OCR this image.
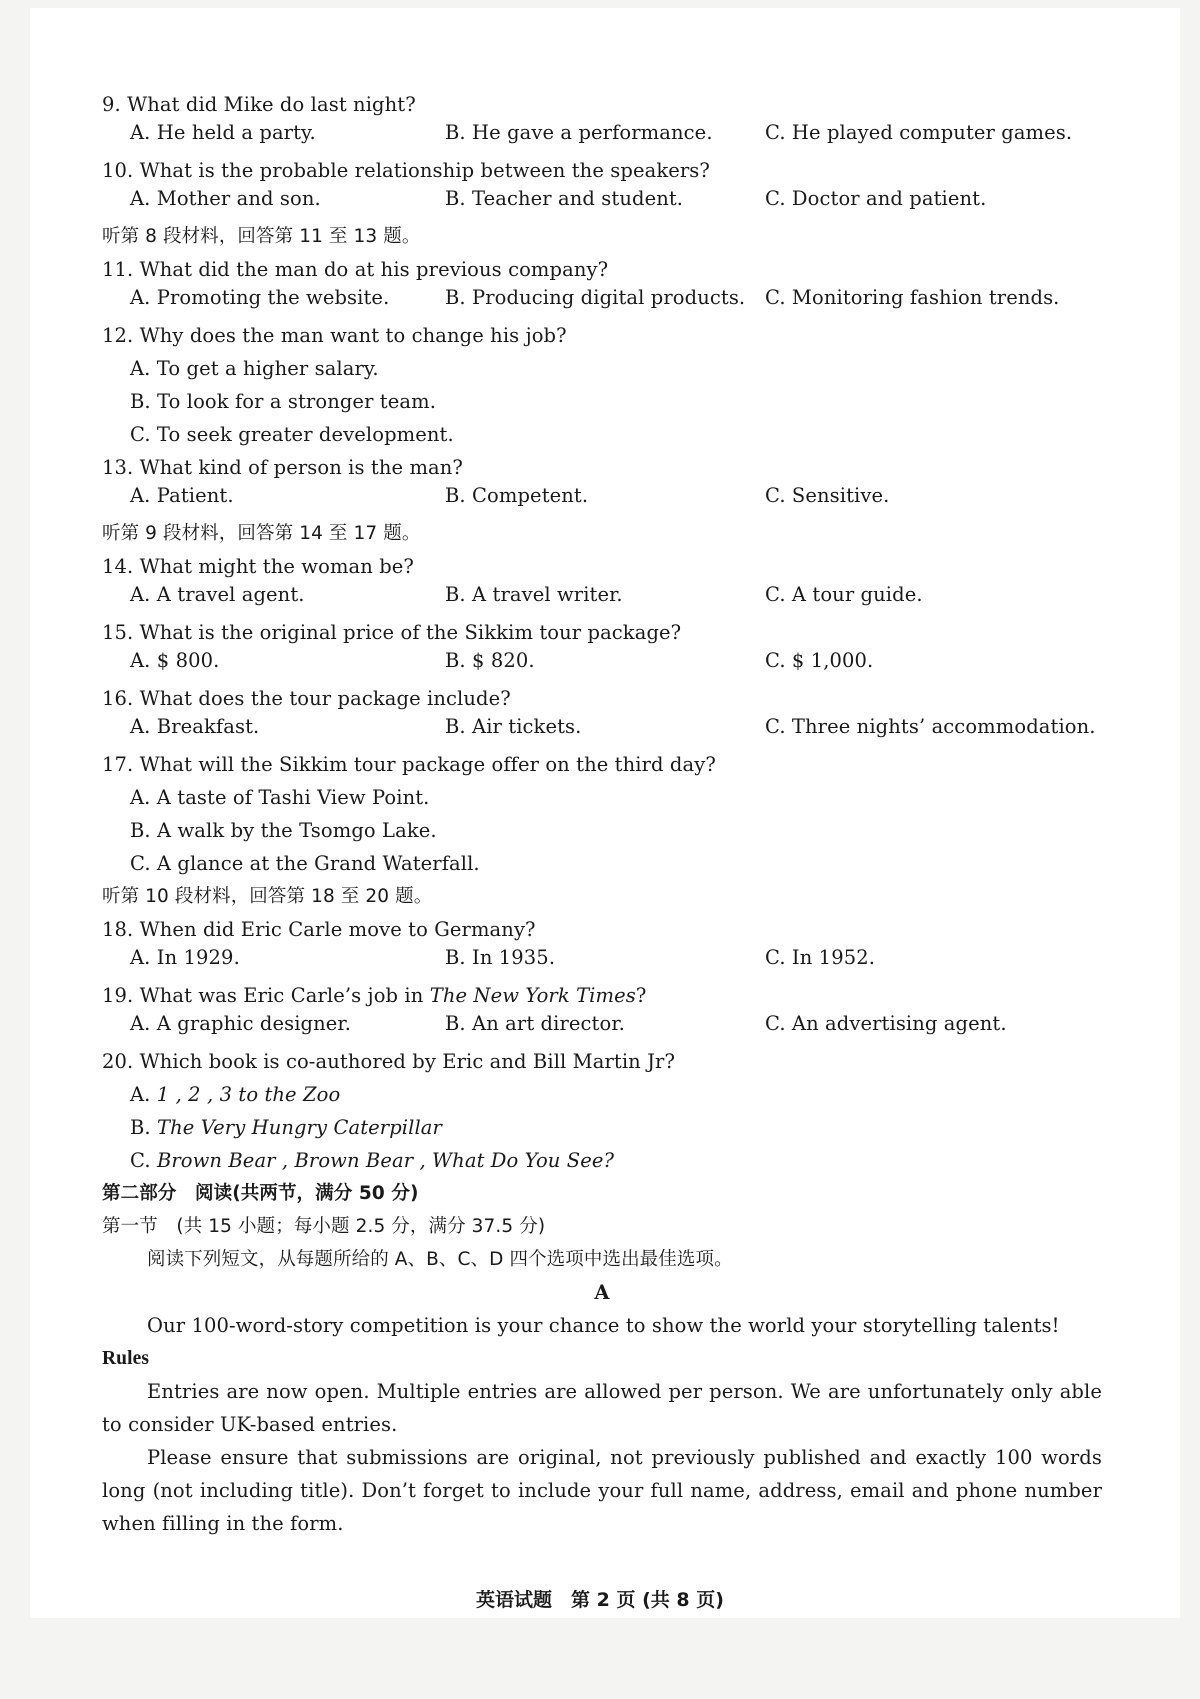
9. What did Mike do last night?
A. He held a party.	B. He gave a performance.	C. He played computer games.
10. What is the probable relationship between the speakers?
A. Mother and son.	B. Teacher and student.	C. Doctor and patient.
听第 8 段材料，回答第 11 至 13 题。
11. What did the man do at his previous company?
A. Promoting the website.	B. Producing digital products. C. Monitoring fashion trends.
12. Why does the man want to change his job?
A. To get a higher salary.
B. To look for a stronger team.
C. To seek greater development.
13. What kind of person is the man?
A. Patient.	B. Competent.	C. Sensitive.
听第 9 段材料，回答第 14 至 17 题。
14. What might the woman be?
A. A travel agent.	B. A travel writer.	C. A tour guide.
15. What is the original price of the Sikkim tour package?
A. $ 800.	B. $ 820.	C. $ 1,000.
16. What does the tour package include?
A. Breakfast.	B. Air tickets.	C. Three nights’ accommodation.
17. What will the Sikkim tour package offer on the third day?
A. A taste of Tashi View Point.
B. A walk by the Tsomgo Lake.
C. A glance at the Grand Waterfall.
听第 10 段材料，回答第 18 至 20 题。
18. When did Eric Carle move to Germany?
A. In 1929.	B. In 1935.	C. In 1952.
19. What was Eric Carle’s job in The New York Times?
A. A graphic designer.	B. An art director.	C. An advertising agent.
20. Which book is co-authored by Eric and Bill Martin Jr?
A. 1 , 2 , 3 to the Zoo
B. The Very Hungry Caterpillar
C. Brown Bear , Brown Bear , What Do You See?
第二部分　阅读(共两节，满分 50 分)
第一节　(共 15 小题；每小题 2.5 分，满分 37.5 分)
阅读下列短文，从每题所给的 A、B、C、D 四个选项中选出最佳选项。
A
Our 100-word-story competition is your chance to show the world your storytelling talents!
Rules
Entries are now open. Multiple entries are allowed per person. We are unfortunately only able to consider UK-based entries.
Please ensure that submissions are original, not previously published and exactly 100 words long (not including title). Don’t forget to include your full name, address, email and phone number when filling in the form.
英语试题　第 2 页 (共 8 页)
